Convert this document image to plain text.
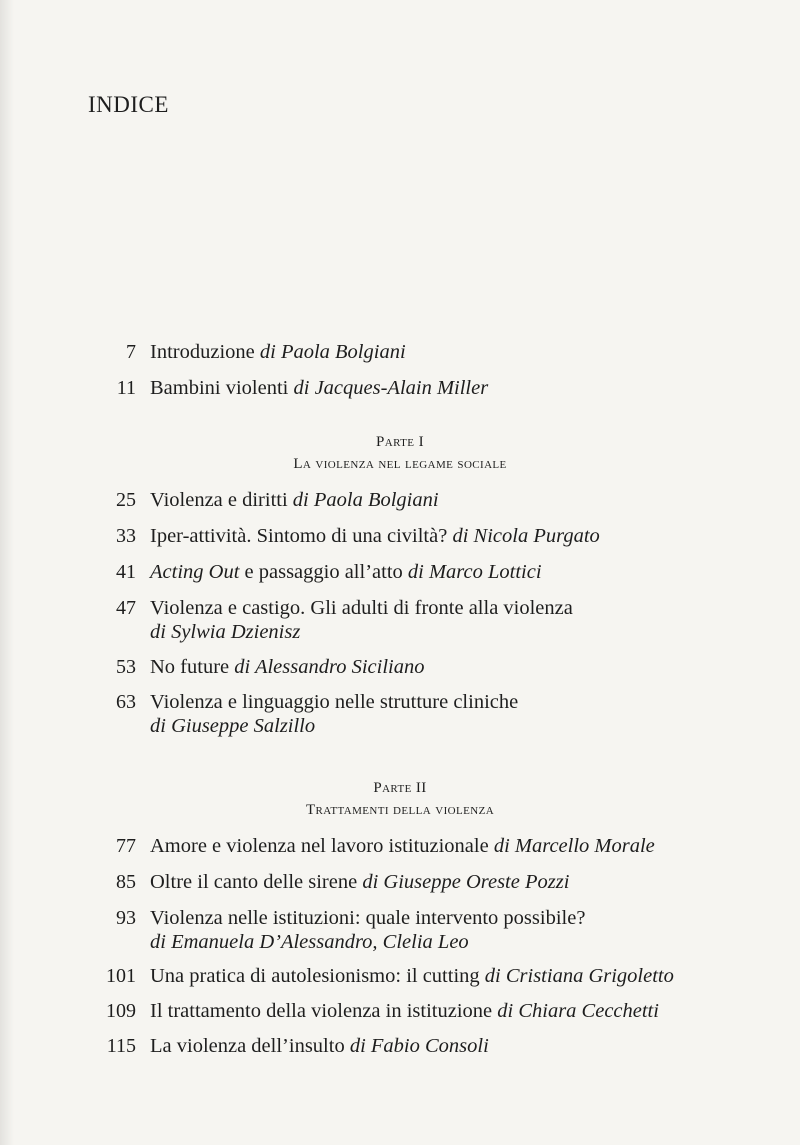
INDICE
7 Introduzione di Paola Bolgiani
11 Bambini violenti di Jacques-Alain Miller
Parte I
La violenza nel legame sociale
25 Violenza e diritti di Paola Bolgiani
33 Iper-attività. Sintomo di una civiltà? di Nicola Purgato
41 Acting Out e passaggio all’atto di Marco Lottici
47 Violenza e castigo. Gli adulti di fronte alla violenza
di Sylwia Dzienisz
53 No future di Alessandro Siciliano
63 Violenza e linguaggio nelle strutture cliniche
di Giuseppe Salzillo
Parte II
Trattamenti della violenza
77 Amore e violenza nel lavoro istituzionale di Marcello Morale
85 Oltre il canto delle sirene di Giuseppe Oreste Pozzi
93 Violenza nelle istituzioni: quale intervento possibile?
di Emanuela D’Alessandro, Clelia Leo
101 Una pratica di autolesionismo: il cutting di Cristiana Grigoletto
109 Il trattamento della violenza in istituzione di Chiara Cecchetti
115 La violenza dell’insulto di Fabio Consoli
